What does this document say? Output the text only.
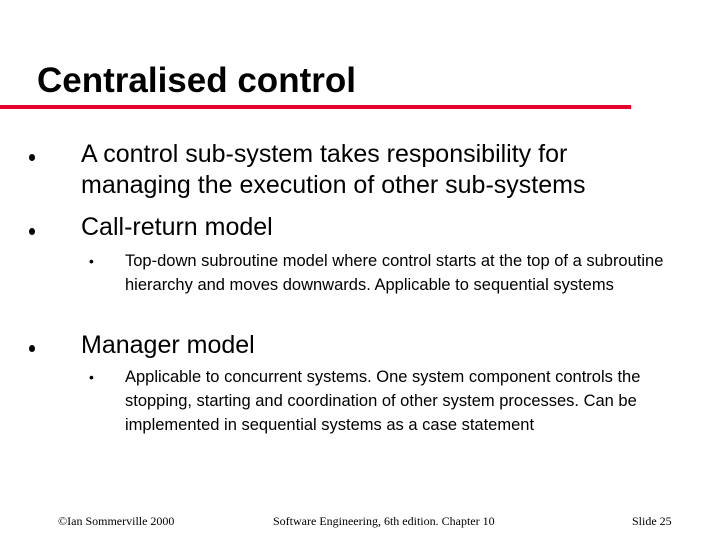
Centralised control

A control sub-system takes responsibility for managing the execution of other sub-systems

Call-return model

• Top-down subroutine model where control starts at the top of a subroutine hierarchy and moves downwards. Applicable to sequential systems

Manager model

• Applicable to concurrent systems. One system component controls the stopping, starting and coordination of other system processes. Can be implemented in sequential systems as a case statement

©Ian Sommerville 2000	Software Engineering, 6th edition. Chapter 10	Slide 25
